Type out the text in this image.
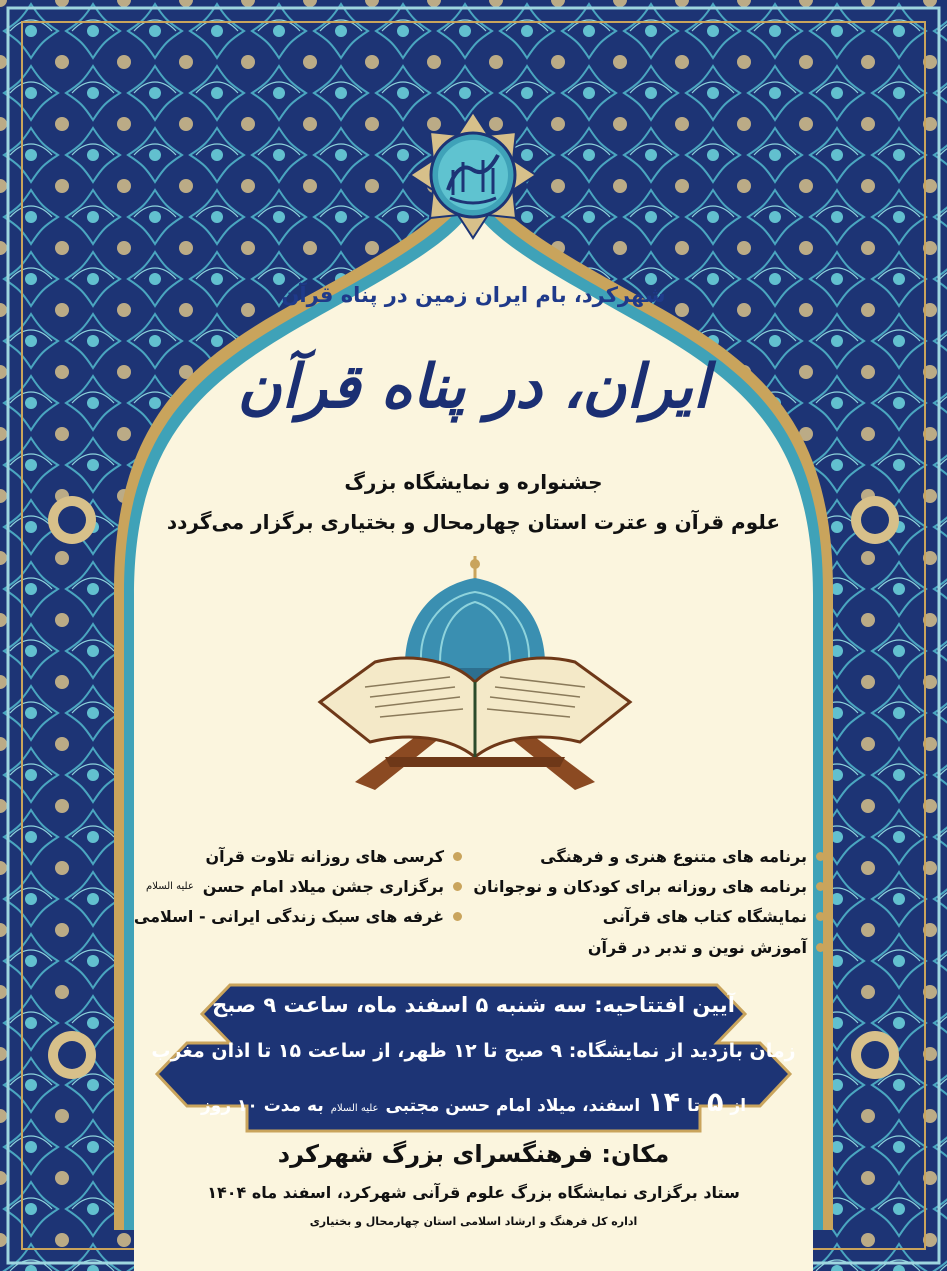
شهرکرد، بام ایران زمین در پناه قرآن
ایران، در پناه قرآن
جشنواره و نمایشگاه بزرگ
علوم قرآن و عترت استان چهارمحال و بختیاری برگزار می‌گردد
برنامه های متنوع هنری و فرهنگی
برنامه های روزانه برای کودکان و نوجوانان
نمایشگاه کتاب های قرآنی
آموزش نوین و تدبر در قرآن
کرسی های روزانه تلاوت قرآن
برگزاری جشن میلاد امام حسن
علیه السلام
غرفه های سبک زندگی ایرانی - اسلامی
آیین افتتاحیه: سه شنبه ۵ اسفند ماه، ساعت ۹ صبح
زمان بازدید از نمایشگاه: ۹ صبح تا ۱۲ ظهر، از ساعت ۱۵ تا اذان مغرب
از
۵
تا
۱۴
اسفند، میلاد امام حسن مجتبی
علیه السلام
به مدت ۱۰ روز
مکان: فرهنگسرای بزرگ شهرکرد
ستاد برگزاری نمایشگاه بزرگ علوم قرآنی شهرکرد، اسفند ماه ۱۴۰۴
اداره کل فرهنگ و ارشاد اسلامی استان چهارمحال و بختیاری
